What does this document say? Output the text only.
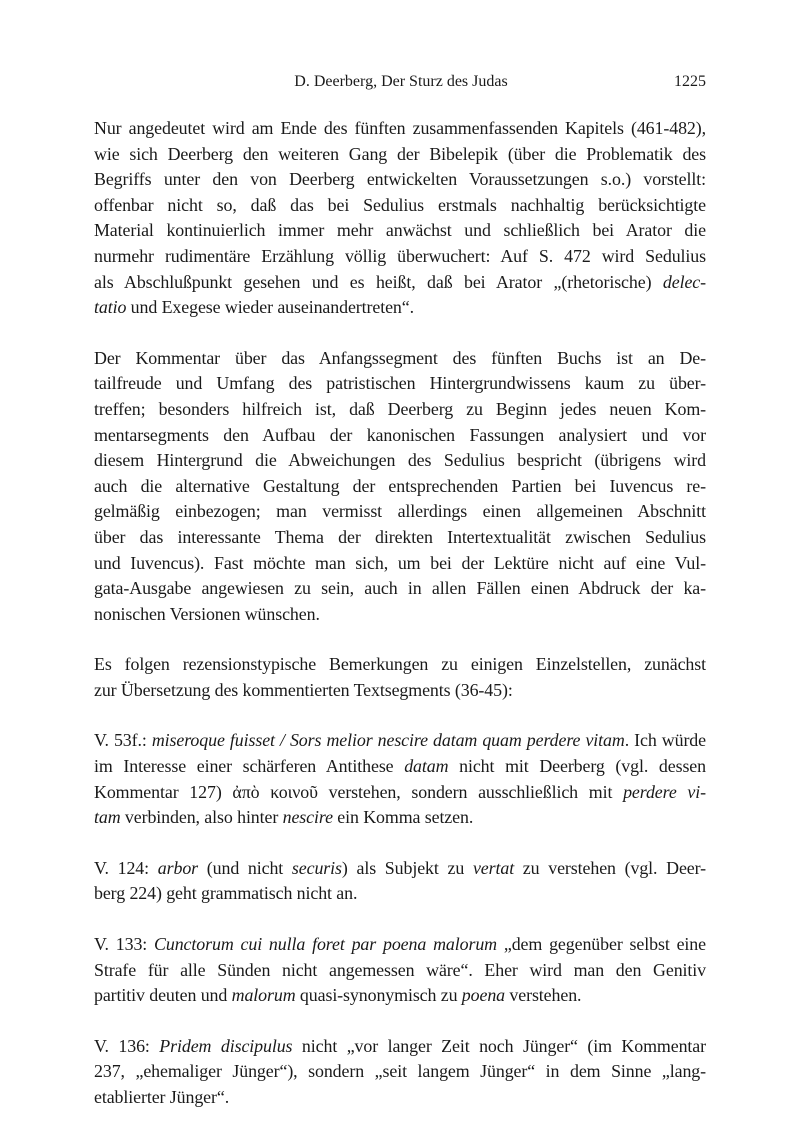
D. Deerberg, Der Sturz des Judas	1225

Nur angedeutet wird am Ende des fünften zusammenfassenden Kapitels (461-482),
wie sich Deerberg den weiteren Gang der Bibelepik (über die Problematik des
Begriffs unter den von Deerberg entwickelten Voraussetzungen s.o.) vorstellt:
offenbar nicht so, daß das bei Sedulius erstmals nachhaltig berücksichtigte
Material kontinuierlich immer mehr anwächst und schließlich bei Arator die
nurmehr rudimentäre Erzählung völlig überwuchert: Auf S. 472 wird Sedulius
als Abschlußpunkt gesehen und es heißt, daß bei Arator „(rhetorische) delec-
tatio und Exegese wieder auseinandertreten“.

Der Kommentar über das Anfangssegment des fünften Buchs ist an De-
tailfreude und Umfang des patristischen Hintergrundwissens kaum zu über-
treffen; besonders hilfreich ist, daß Deerberg zu Beginn jedes neuen Kom-
mentarsegments den Aufbau der kanonischen Fassungen analysiert und vor
diesem Hintergrund die Abweichungen des Sedulius bespricht (übrigens wird
auch die alternative Gestaltung der entsprechenden Partien bei Iuvencus re-
gelmäßig einbezogen; man vermisst allerdings einen allgemeinen Abschnitt
über das interessante Thema der direkten Intertextualität zwischen Sedulius
und Iuvencus). Fast möchte man sich, um bei der Lektüre nicht auf eine Vul-
gata-Ausgabe angewiesen zu sein, auch in allen Fällen einen Abdruck der ka-
nonischen Versionen wünschen.

Es folgen rezensionstypische Bemerkungen zu einigen Einzelstellen, zunächst
zur Übersetzung des kommentierten Textsegments (36-45):

V. 53f.: miseroque fuisset / Sors melior nescire datam quam perdere vitam. Ich würde
im Interesse einer schärferen Antithese datam nicht mit Deerberg (vgl. dessen
Kommentar 127) ἀπὸ κοινοῦ verstehen, sondern ausschließlich mit perdere vi-
tam verbinden, also hinter nescire ein Komma setzen.

V. 124: arbor (und nicht securis) als Subjekt zu vertat zu verstehen (vgl. Deer-
berg 224) geht grammatisch nicht an.

V. 133: Cunctorum cui nulla foret par poena malorum „dem gegenüber selbst eine
Strafe für alle Sünden nicht angemessen wäre“. Eher wird man den Genitiv
partitiv deuten und malorum quasi-synonymisch zu poena verstehen.

V. 136: Pridem discipulus nicht „vor langer Zeit noch Jünger“ (im Kommentar
237, „ehemaliger Jünger“), sondern „seit langem Jünger“ in dem Sinne „lang-
etablierter Jünger“.
